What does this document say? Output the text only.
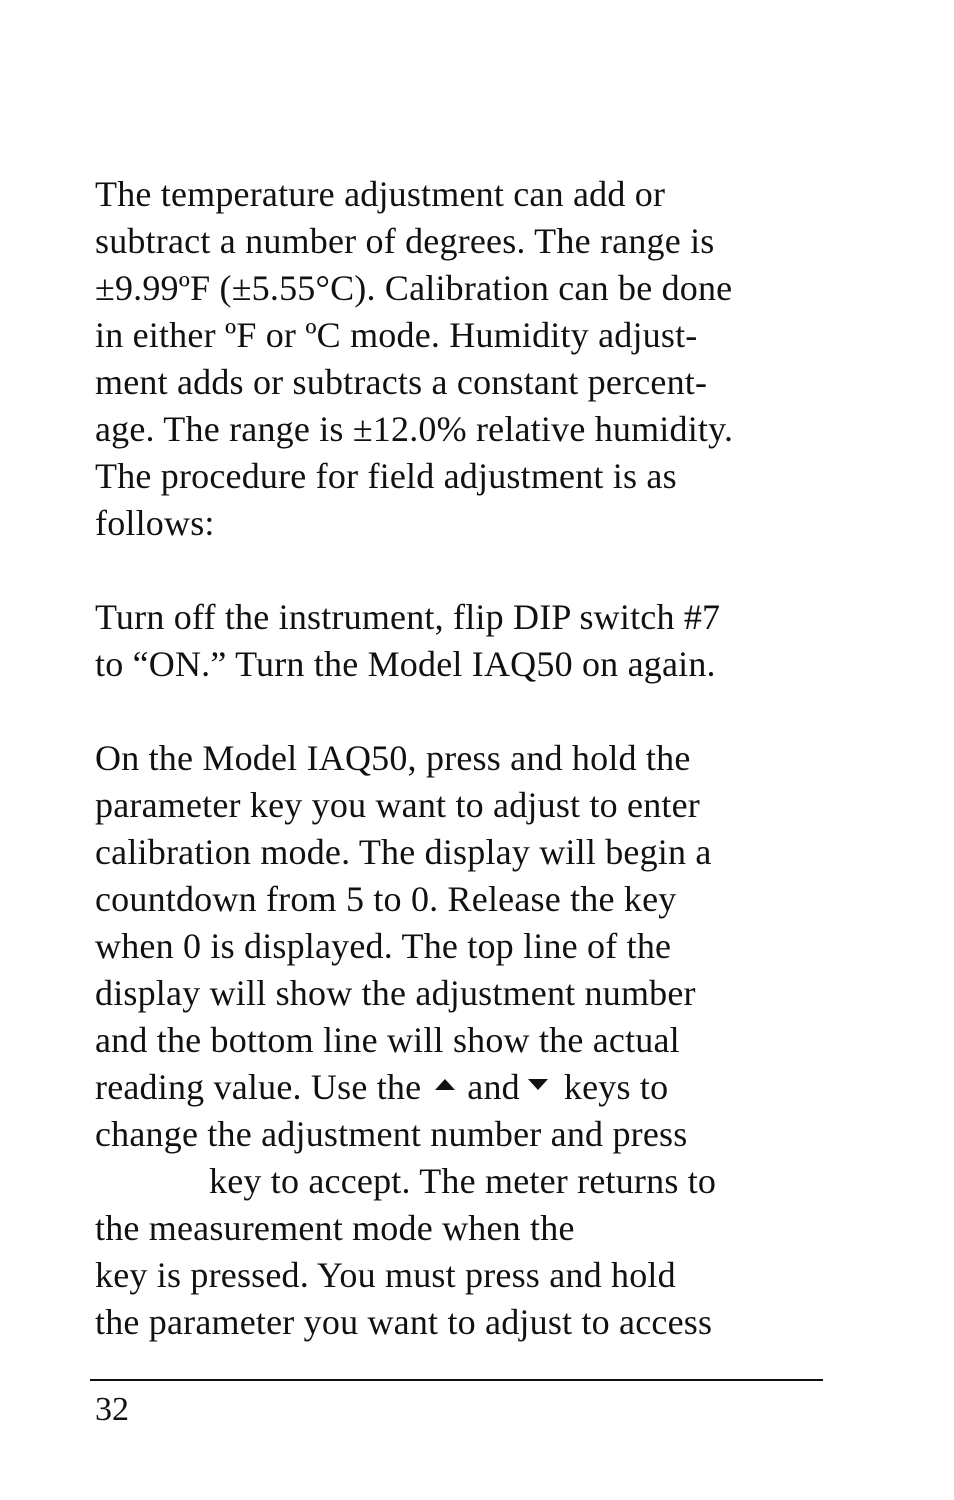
The temperature adjustment can add or
subtract a number of degrees. The range is
±9.99ºF (±5.55°C). Calibration can be done
in either ºF or ºC mode. Humidity adjust-
ment adds or subtracts a constant percent-
age. The range is ±12.0% relative humidity.
The procedure for field adjustment is as
follows:
Turn off the instrument, flip DIP switch #7
to “ON.” Turn the Model IAQ50 on again.
On the Model IAQ50, press and hold the
parameter key you want to adjust to enter
calibration mode. The display will begin a
countdown from 5 to 0. Release the key
when 0 is displayed. The top line of the
display will show the adjustment number
and the bottom line will show the actual
reading value. Use the and keys to
change the adjustment number and press
key to accept. The meter returns to
the measurement mode when the
key is pressed. You must press and hold
the parameter you want to adjust to access
32
